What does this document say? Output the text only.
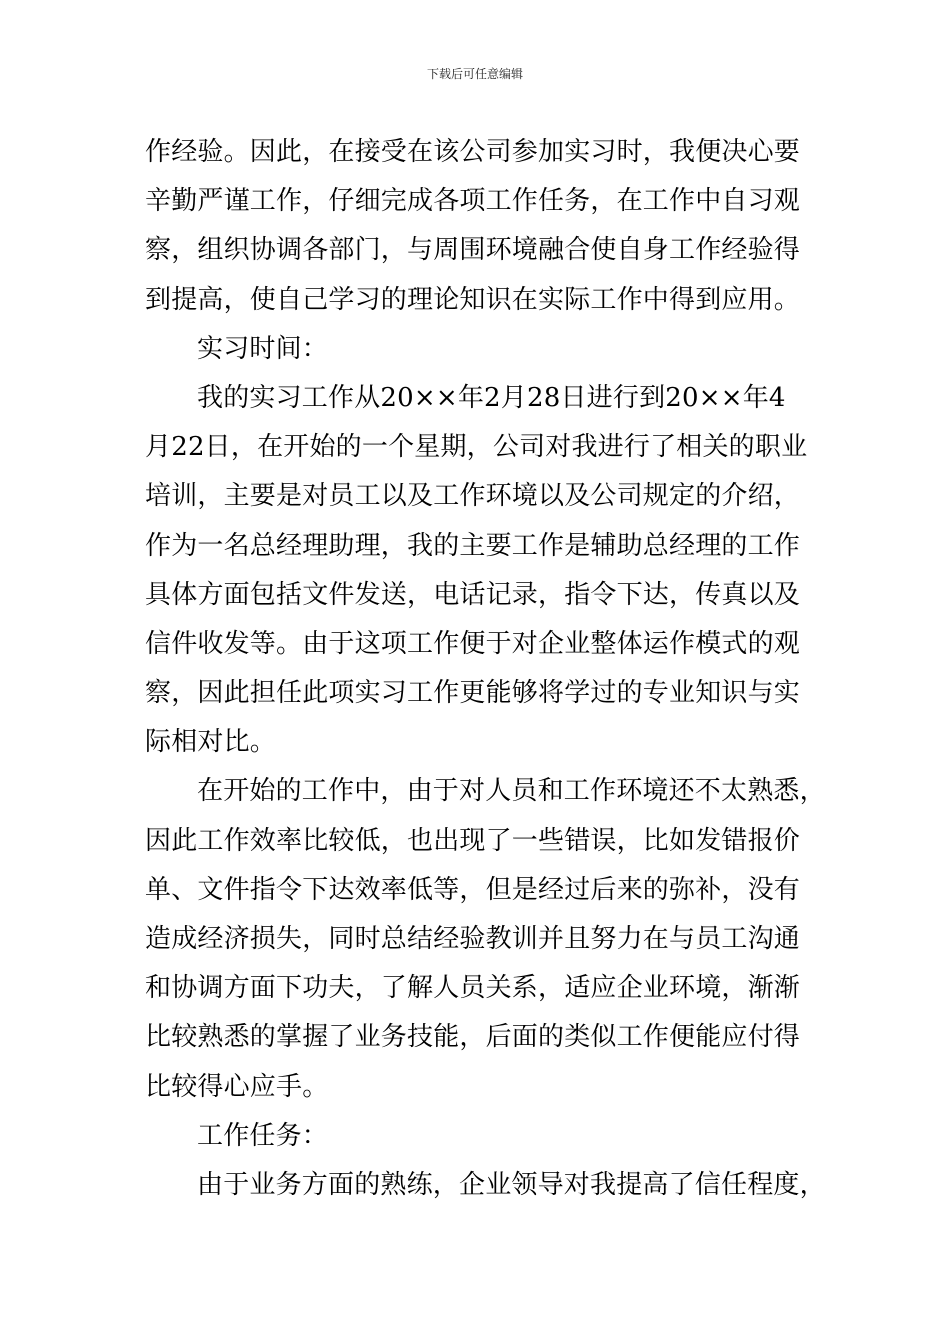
下载后可任意编辑
作经验。因此，在接受在该公司参加实习时，我便决心要
辛勤严谨工作，仔细完成各项工作任务，在工作中自习观
察，组织协调各部门，与周围环境融合使自身工作经验得
到提高，使自己学习的理论知识在实际工作中得到应用。
实习时间：
我的实习工作从20××年2月28日进行到20××年4
月22日，在开始的一个星期，公司对我进行了相关的职业
培训，主要是对员工以及工作环境以及公司规定的介绍，
作为一名总经理助理，我的主要工作是辅助总经理的工作
具体方面包括文件发送，电话记录，指令下达，传真以及
信件收发等。由于这项工作便于对企业整体运作模式的观
察，因此担任此项实习工作更能够将学过的专业知识与实
际相对比。
在开始的工作中，由于对人员和工作环境还不太熟悉，
因此工作效率比较低，也出现了一些错误，比如发错报价
单、文件指令下达效率低等，但是经过后来的弥补，没有
造成经济损失，同时总结经验教训并且努力在与员工沟通
和协调方面下功夫，了解人员关系，适应企业环境，渐渐
比较熟悉的掌握了业务技能，后面的类似工作便能应付得
比较得心应手。
工作任务：
由于业务方面的熟练，企业领导对我提高了信任程度，
